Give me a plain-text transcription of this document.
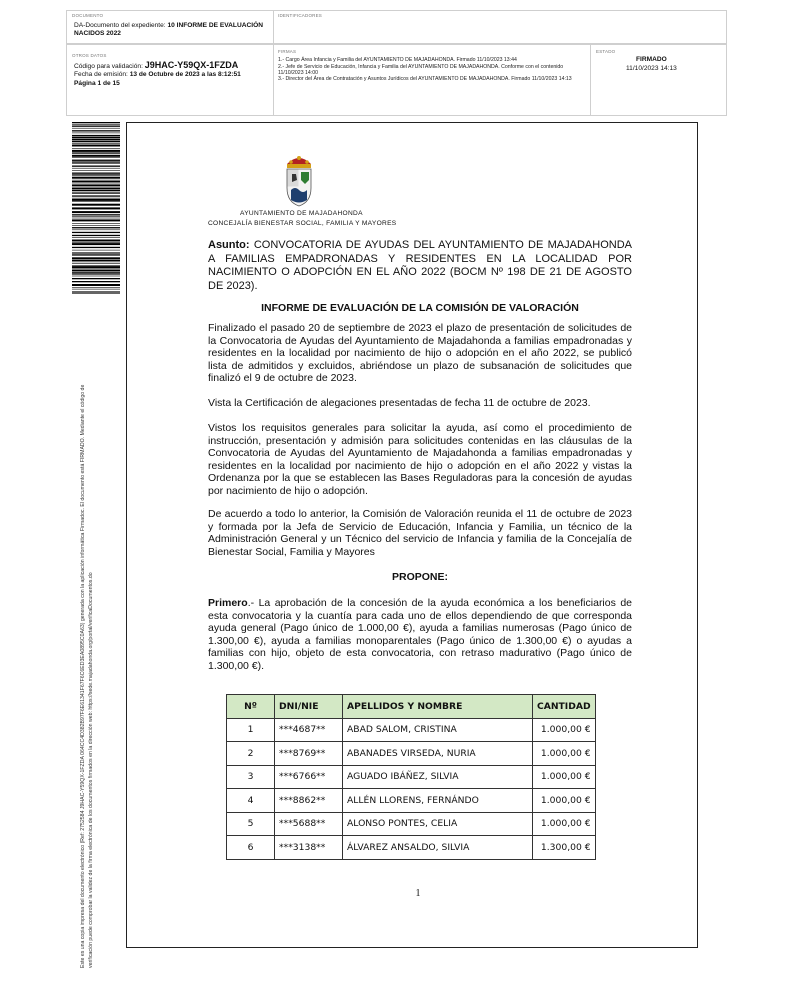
DOCUMENTO
DA-Documento del expediente: 10 INFORME DE EVALUACIÓN NACIDOS 2022
IDENTIFICADORES
OTROS DATOS
Código para validación: J9HAC-Y59QX-1FZDA
Fecha de emisión: 13 de Octubre de 2023 a las 8:12:51
Página 1 de 15
FIRMAS
1.- Cargo Área Infancia y Familia del AYUNTAMIENTO DE MAJADAHONDA. Firmado 11/10/2023 13:44
2.- Jefe de Servicio de Educación, Infancia y Familia del AYUNTAMIENTO DE MAJADAHONDA. Conforme con el contenido 11/10/2023 14:00
3.- Director del Área de Contratación y Asuntos Jurídicos del AYUNTAMIENTO DE MAJADAHONDA. Firmado 11/10/2023 14:13
ESTADO
FIRMADO
11/10/2023 14:13
Este es una copia impresa del documento electrónico (Ref: 2752584 J9HAC-Y59QX-1FZDA 064CC4D382B97F6E61341F67F6C6ED3EA0895C0A63) generada con la aplicación informática Firmadoc. El documento está FIRMADO. Mediante el código de verificación puede comprobar la validez de la firma electrónica de los documentos firmados en la dirección web: https://sede.majadahonda.org/portal/verificaDocumentos.do
AYUNTAMIENTO DE MAJADAHONDA
CONCEJALÍA BIENESTAR SOCIAL, FAMILIA Y MAYORES
Asunto: CONVOCATORIA DE AYUDAS DEL AYUNTAMIENTO DE MAJADAHONDA A FAMILIAS EMPADRONADAS Y RESIDENTES EN LA LOCALIDAD POR NACIMIENTO O ADOPCIÓN EN EL AÑO 2022 (BOCM Nº 198 DE 21 DE AGOSTO DE 2023).
INFORME DE EVALUACIÓN DE LA COMISIÓN DE VALORACIÓN
Finalizado el pasado 20 de septiembre de 2023 el plazo de presentación de solicitudes de la Convocatoria de Ayudas del Ayuntamiento de Majadahonda a familias empadronadas y residentes en la localidad por nacimiento de hijo o adopción en el año 2022, se publicó lista de admitidos y excluidos, abriéndose un plazo de subsanación de solicitudes que finalizó el 9 de octubre de 2023.
Vista la Certificación de alegaciones presentadas de fecha 11 de octubre de 2023.
Vistos los requisitos generales para solicitar la ayuda, así como el procedimiento de instrucción, presentación y admisión para solicitudes contenidas en las cláusulas de la Convocatoria de Ayudas del Ayuntamiento de Majadahonda a familias empadronadas y residentes en la localidad por nacimiento de hijo o adopción en el año 2022 y vistas la Ordenanza por la que se establecen las Bases Reguladoras para la concesión de ayudas por nacimiento de hijo o adopción.
De acuerdo a todo lo anterior, la Comisión de Valoración reunida el 11 de octubre de 2023 y formada por la Jefa de Servicio de Educación, Infancia y Familia, un técnico de la Administración General y un Técnico del servicio de Infancia y familia de la Concejalía de Bienestar Social, Familia y Mayores
PROPONE:
Primero.- La aprobación de la concesión de la ayuda económica a los beneficiarios de esta convocatoria y la cuantía para cada uno de ellos dependiendo de que corresponda ayuda general (Pago único de 1.000,00 €), ayuda a familias numerosas (Pago único de 1.300,00 €), ayuda a familias monoparentales (Pago único de 1.300,00 €) o ayudas a familias con hijo, objeto de esta convocatoria, con retraso madurativo (Pago único de 1.300,00 €).
Nº	DNI/NIE	APELLIDOS Y NOMBRE	CANTIDAD
1	***4687**	ABAD SALOM, CRISTINA	1.000,00 €
2	***8769**	ABANADES VIRSEDA, NURIA	1.000,00 €
3	***6766**	AGUADO IBÁÑEZ, SILVIA	1.000,00 €
4	***8862**	ALLÉN LLORENS, FERNÁNDO	1.000,00 €
5	***5688**	ALONSO PONTES, CELIA	1.000,00 €
6	***3138**	ÁLVAREZ ANSALDO, SILVIA	1.300,00 €
1
